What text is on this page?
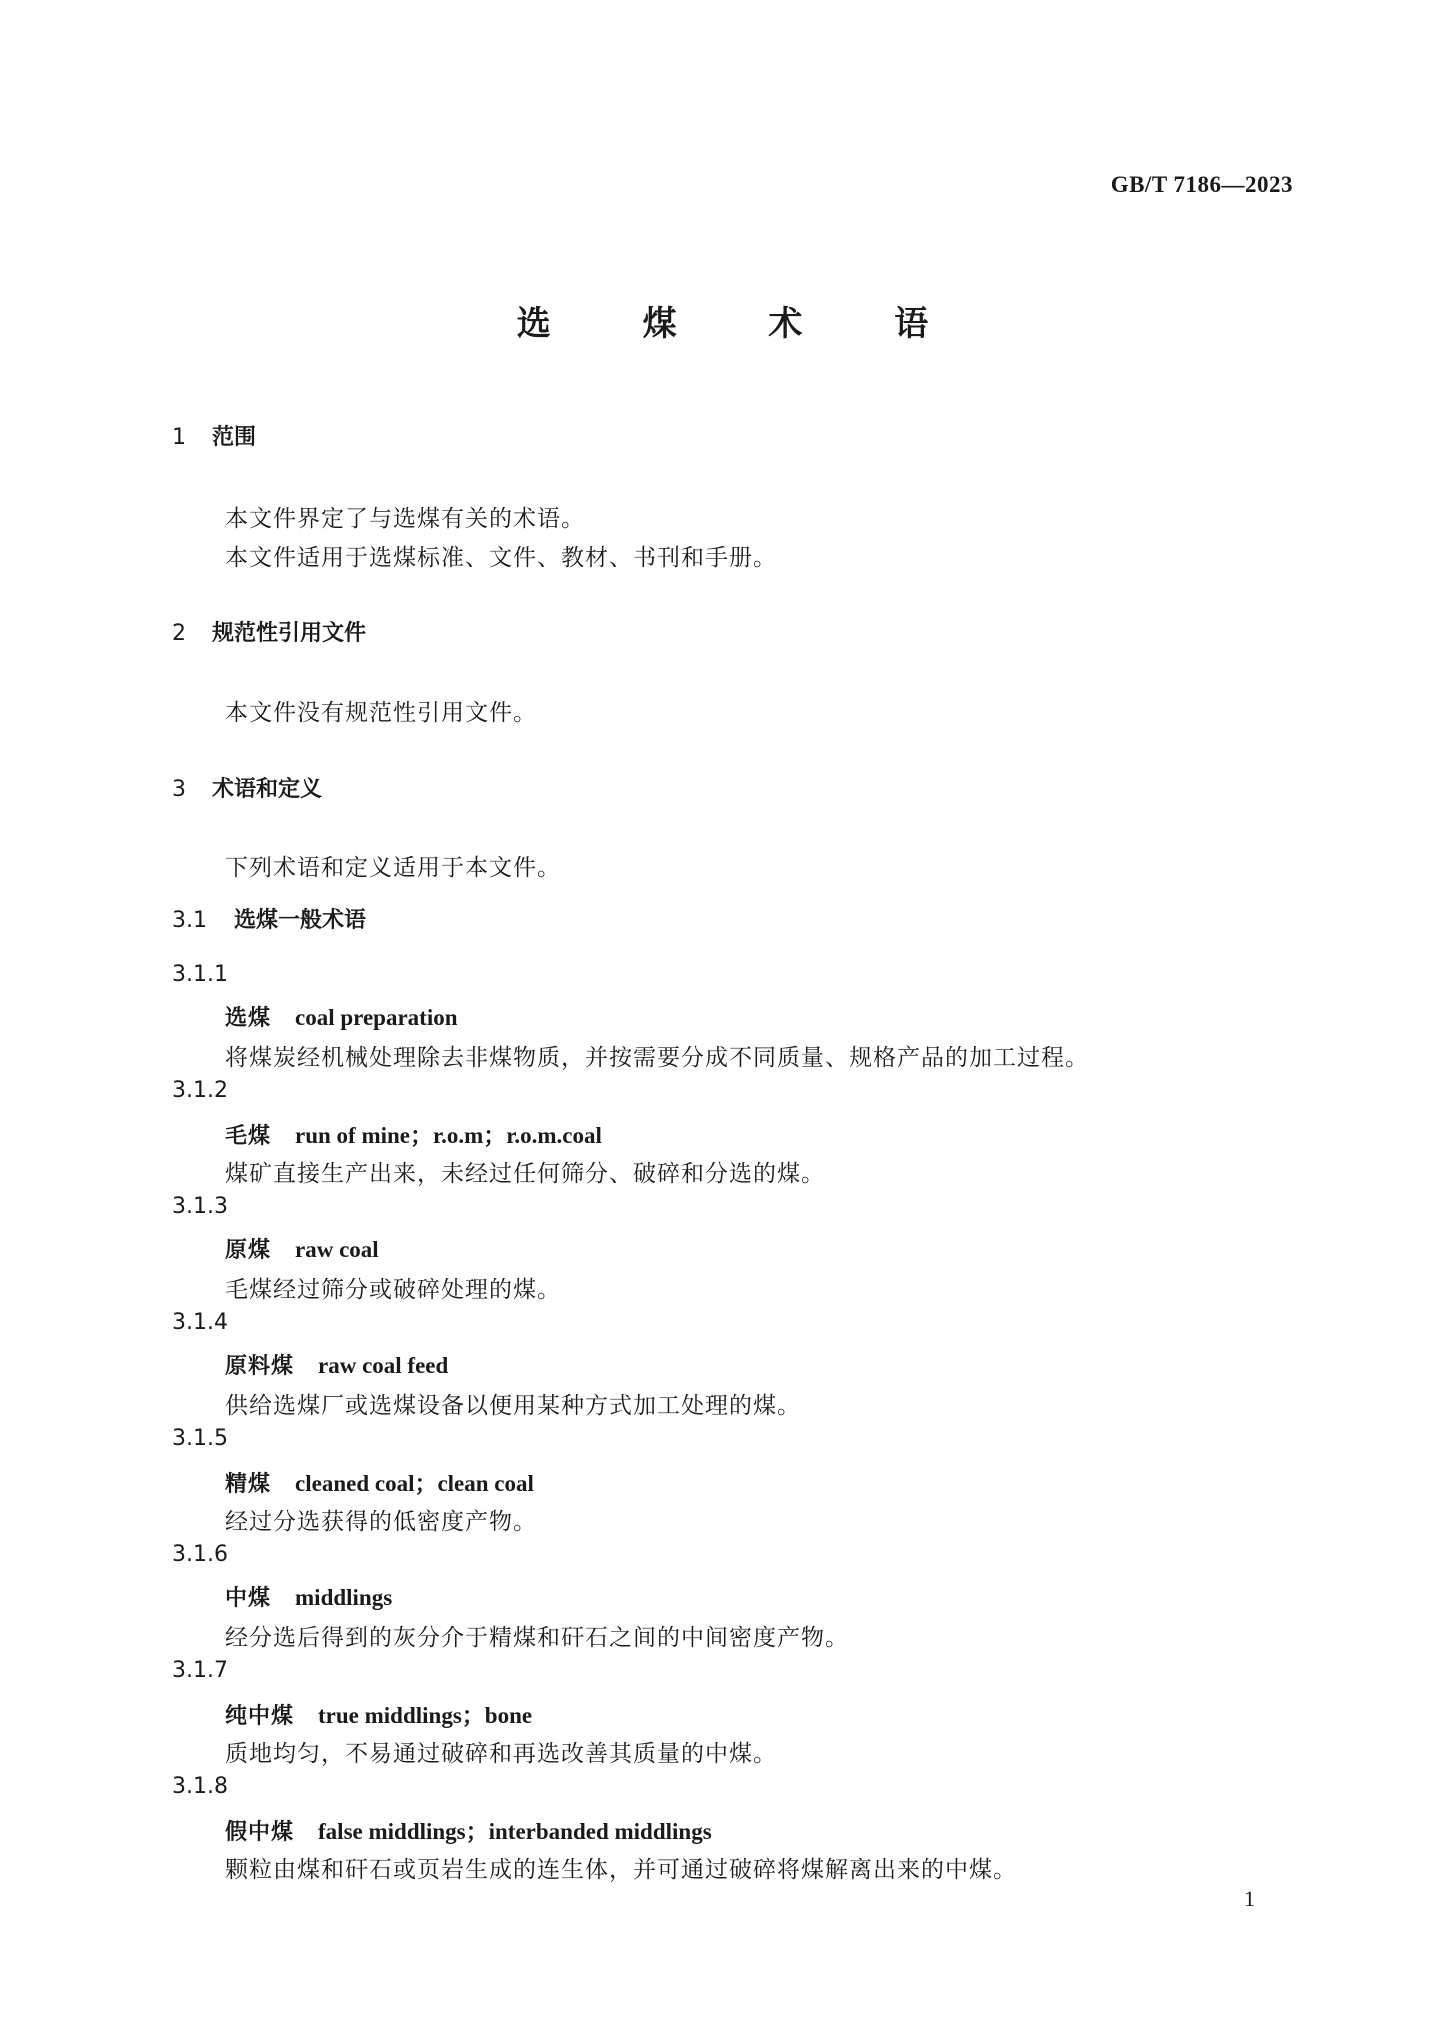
GB/T 7186—2023
选 煤 术 语
1 范围
本文件界定了与选煤有关的术语。
本文件适用于选煤标准、文件、教材、书刊和手册。
2 规范性引用文件
本文件没有规范性引用文件。
3 术语和定义
下列术语和定义适用于本文件。
3.1 选煤一般术语
3.1.1
选煤 coal preparation
将煤炭经机械处理除去非煤物质，并按需要分成不同质量、规格产品的加工过程。
3.1.2
毛煤 run of mine；r.o.m；r.o.m.coal
煤矿直接生产出来，未经过任何筛分、破碎和分选的煤。
3.1.3
原煤 raw coal
毛煤经过筛分或破碎处理的煤。
3.1.4
原料煤 raw coal feed
供给选煤厂或选煤设备以便用某种方式加工处理的煤。
3.1.5
精煤 cleaned coal；clean coal
经过分选获得的低密度产物。
3.1.6
中煤 middlings
经分选后得到的灰分介于精煤和矸石之间的中间密度产物。
3.1.7
纯中煤 true middlings；bone
质地均匀，不易通过破碎和再选改善其质量的中煤。
3.1.8
假中煤 false middlings；interbanded middlings
颗粒由煤和矸石或页岩生成的连生体，并可通过破碎将煤解离出来的中煤。
1
